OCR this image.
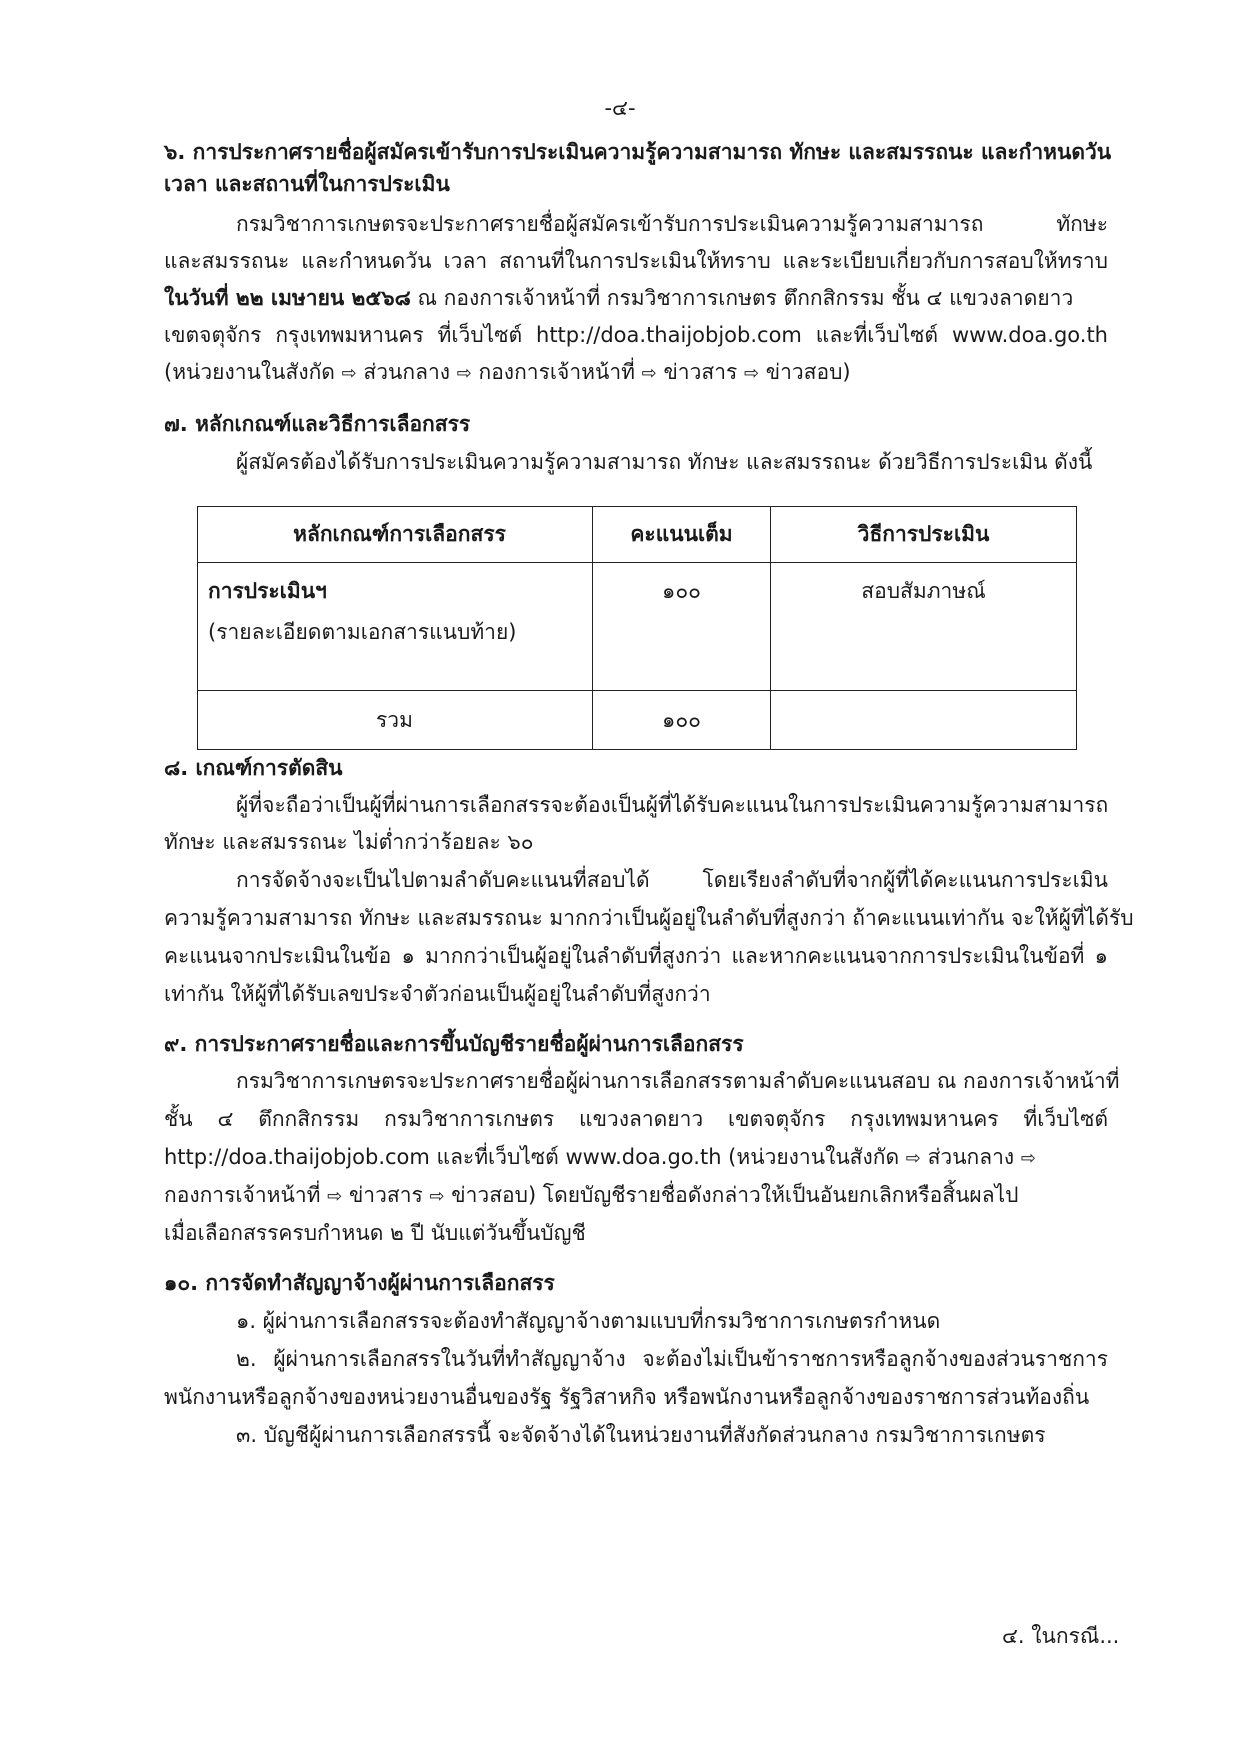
-๔-
๖. การประกาศรายชื่อผู้สมัครเข้ารับการประเมินความรู้ความสามารถ ทักษะ และสมรรถนะ และกำหนดวัน
เวลา และสถานที่ในการประเมิน
กรมวิชาการเกษตรจะประกาศรายชื่อผู้สมัครเข้ารับการประเมินความรู้ความสามารถ ทักษะ
และสมรรถนะ และกำหนดวัน เวลา สถานที่ในการประเมินให้ทราบ และระเบียบเกี่ยวกับการสอบให้ทราบ
ในวันที่ ๒๒ เมษายน ๒๕๖๘ ณ กองการเจ้าหน้าที่ กรมวิชาการเกษตร ตึกกสิกรรม ชั้น ๔ แขวงลาดยาว
เขตจตุจักร กรุงเทพมหานคร ที่เว็บไซต์ http://doa.thaijobjob.com และที่เว็บไซต์ www.doa.go.th
(หน่วยงานในสังกัด ⇨ ส่วนกลาง ⇨ กองการเจ้าหน้าที่ ⇨ ข่าวสาร ⇨ ข่าวสอบ)
๗. หลักเกณฑ์และวิธีการเลือกสรร
ผู้สมัครต้องได้รับการประเมินความรู้ความสามารถ ทักษะ และสมรรถนะ ด้วยวิธีการประเมิน ดังนี้
หลักเกณฑ์การเลือกสรร	คะแนนเต็ม	วิธีการประเมิน

การประเมินฯ
(รายละเอียดตามเอกสารแนบท้าย)	๑๐๐	สอบสัมภาษณ์
รวม	๑๐๐	
๘. เกณฑ์การตัดสิน
ผู้ที่จะถือว่าเป็นผู้ที่ผ่านการเลือกสรรจะต้องเป็นผู้ที่ได้รับคะแนนในการประเมินความรู้ความสามารถ
ทักษะ และสมรรถนะ ไม่ต่ำกว่าร้อยละ ๖๐
การจัดจ้างจะเป็นไปตามลำดับคะแนนที่สอบได้ โดยเรียงลำดับที่จากผู้ที่ได้คะแนนการประเมิน
ความรู้ความสามารถ ทักษะ และสมรรถนะ มากกว่าเป็นผู้อยู่ในลำดับที่สูงกว่า ถ้าคะแนนเท่ากัน จะให้ผู้ที่ได้รับ
คะแนนจากประเมินในข้อ ๑ มากกว่าเป็นผู้อยู่ในลำดับที่สูงกว่า และหากคะแนนจากการประเมินในข้อที่ ๑
เท่ากัน ให้ผู้ที่ได้รับเลขประจำตัวก่อนเป็นผู้อยู่ในลำดับที่สูงกว่า
๙. การประกาศรายชื่อและการขึ้นบัญชีรายชื่อผู้ผ่านการเลือกสรร
กรมวิชาการเกษตรจะประกาศรายชื่อผู้ผ่านการเลือกสรรตามลำดับคะแนนสอบ ณ กองการเจ้าหน้าที่
ชั้น ๔ ตึกกสิกรรม กรมวิชาการเกษตร แขวงลาดยาว เขตจตุจักร กรุงเทพมหานคร ที่เว็บไซต์
http://doa.thaijobjob.com และที่เว็บไซต์ www.doa.go.th (หน่วยงานในสังกัด ⇨ ส่วนกลาง ⇨
กองการเจ้าหน้าที่ ⇨ ข่าวสาร ⇨ ข่าวสอบ) โดยบัญชีรายชื่อดังกล่าวให้เป็นอันยกเลิกหรือสิ้นผลไป
เมื่อเลือกสรรครบกำหนด ๒ ปี นับแต่วันขึ้นบัญชี
๑๐. การจัดทำสัญญาจ้างผู้ผ่านการเลือกสรร
๑. ผู้ผ่านการเลือกสรรจะต้องทำสัญญาจ้างตามแบบที่กรมวิชาการเกษตรกำหนด
๒. ผู้ผ่านการเลือกสรรในวันที่ทำสัญญาจ้าง จะต้องไม่เป็นข้าราชการหรือลูกจ้างของส่วนราชการ
พนักงานหรือลูกจ้างของหน่วยงานอื่นของรัฐ รัฐวิสาหกิจ หรือพนักงานหรือลูกจ้างของราชการส่วนท้องถิ่น
๓. บัญชีผู้ผ่านการเลือกสรรนี้ จะจัดจ้างได้ในหน่วยงานที่สังกัดส่วนกลาง กรมวิชาการเกษตร
๔. ในกรณี...
